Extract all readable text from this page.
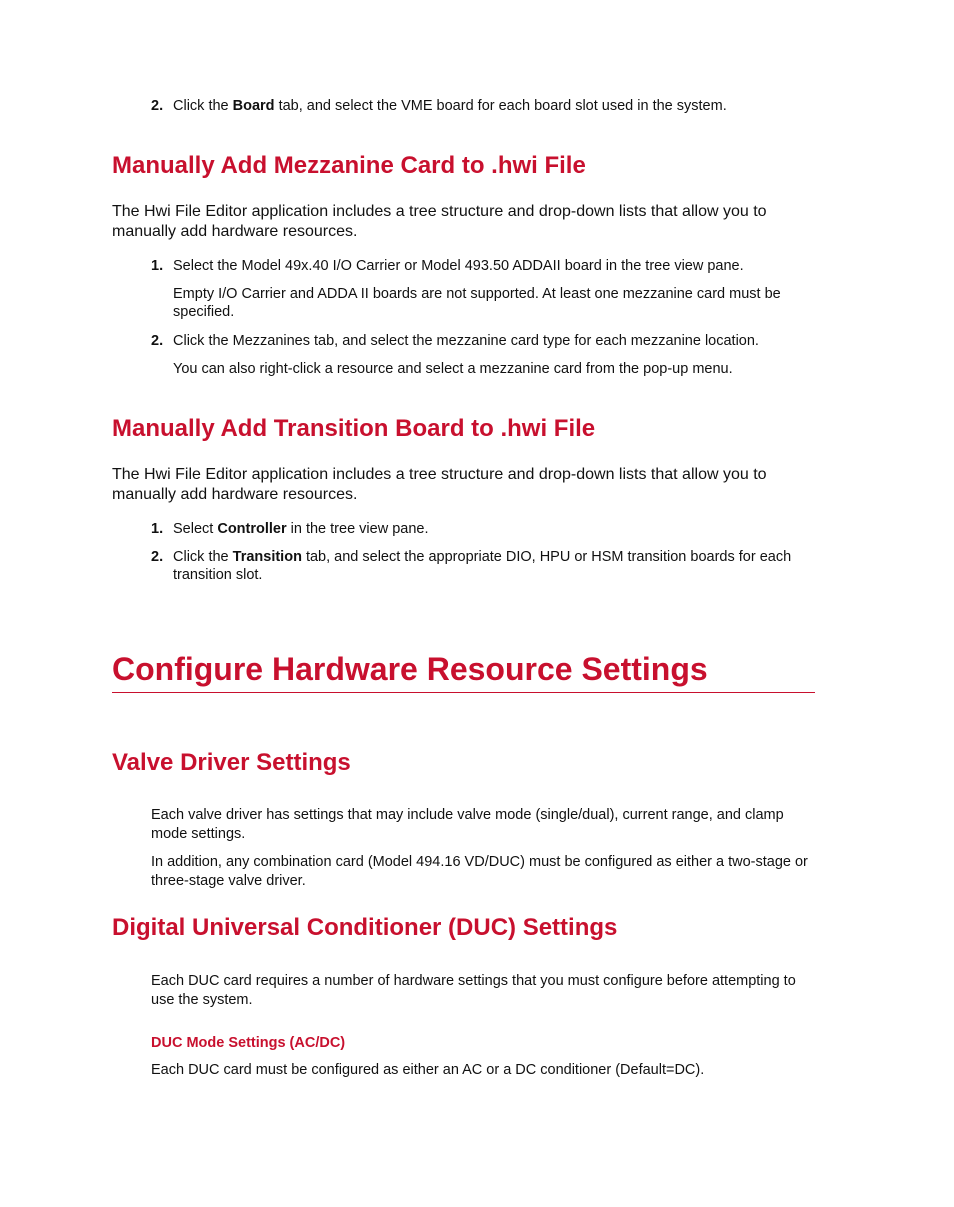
2. Click the Board tab, and select the VME board for each board slot used in the system.
Manually Add Mezzanine Card to .hwi File
The Hwi File Editor application includes a tree structure and drop-down lists that allow you to manually add hardware resources.
1. Select the Model 49x.40 I/O Carrier or Model 493.50 ADDAII board in the tree view pane.
Empty I/O Carrier and ADDA II boards are not supported. At least one mezzanine card must be specified.
2. Click the Mezzanines tab, and select the mezzanine card type for each mezzanine location.
You can also right-click a resource and select a mezzanine card from the pop-up menu.
Manually Add Transition Board to .hwi File
The Hwi File Editor application includes a tree structure and drop-down lists that allow you to manually add hardware resources.
1. Select Controller in the tree view pane.
2. Click the Transition tab, and select the appropriate DIO, HPU or HSM transition boards for each transition slot.
Configure Hardware Resource Settings
Valve Driver Settings
Each valve driver has settings that may include valve mode (single/dual), current range, and clamp mode settings.
In addition, any combination card (Model 494.16 VD/DUC) must be configured as either a two-stage or three-stage valve driver.
Digital Universal Conditioner (DUC) Settings
Each DUC card requires a number of hardware settings that you must configure before attempting to use the system.
DUC Mode Settings (AC/DC)
Each DUC card must be configured as either an AC or a DC conditioner (Default=DC).
